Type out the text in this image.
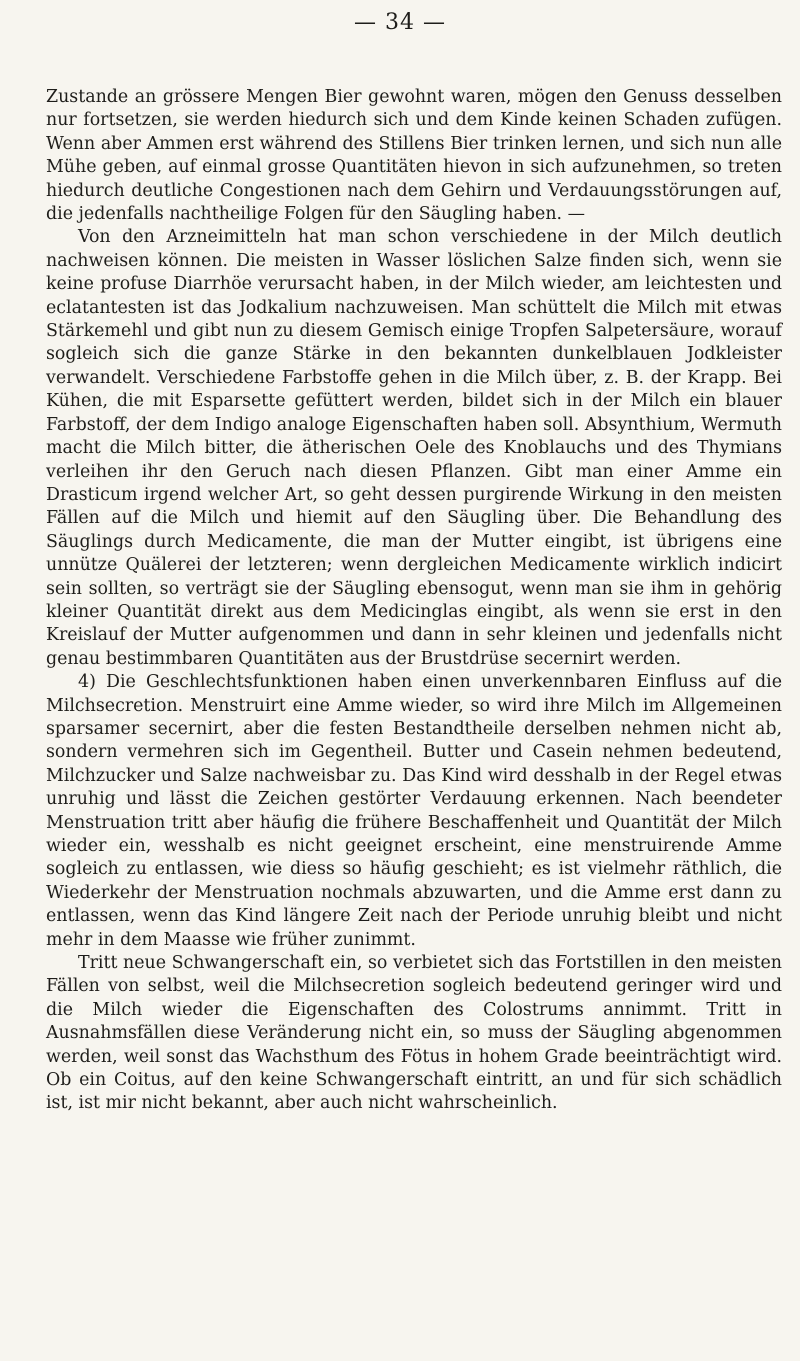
— 34 —

Zustande an grössere Mengen Bier gewohnt waren, mögen den Genuss desselben nur fortsetzen, sie werden hiedurch sich und dem Kinde keinen Schaden zufügen. Wenn aber Ammen erst während des Stillens Bier trinken lernen, und sich nun alle Mühe geben, auf einmal grosse Quantitäten hievon in sich aufzunehmen, so treten hiedurch deutliche Congestionen nach dem Gehirn und Verdauungsstörungen auf, die jedenfalls nachtheilige Folgen für den Säugling haben. —

Von den Arzneimitteln hat man schon verschiedene in der Milch deutlich nachweisen können. Die meisten in Wasser löslichen Salze finden sich, wenn sie keine profuse Diarrhöe verursacht haben, in der Milch wieder, am leichtesten und eclatantesten ist das Jodkalium nachzuweisen. Man schüttelt die Milch mit etwas Stärkemehl und gibt nun zu diesem Gemisch einige Tropfen Salpetersäure, worauf sogleich sich die ganze Stärke in den bekannten dunkelblauen Jodkleister verwandelt. Verschiedene Farbstoffe gehen in die Milch über, z. B. der Krapp. Bei Kühen, die mit Esparsette gefüttert werden, bildet sich in der Milch ein blauer Farbstoff, der dem Indigo analoge Eigenschaften haben soll. Absynthium, Wermuth macht die Milch bitter, die ätherischen Oele des Knoblauchs und des Thymians verleihen ihr den Geruch nach diesen Pflanzen. Gibt man einer Amme ein Drasticum irgend welcher Art, so geht dessen purgirende Wirkung in den meisten Fällen auf die Milch und hiemit auf den Säugling über. Die Behandlung des Säuglings durch Medicamente, die man der Mutter eingibt, ist übrigens eine unnütze Quälerei der letzteren; wenn dergleichen Medicamente wirklich indicirt sein sollten, so verträgt sie der Säugling ebensogut, wenn man sie ihm in gehörig kleiner Quantität direkt aus dem Medicinglas eingibt, als wenn sie erst in den Kreislauf der Mutter aufgenommen und dann in sehr kleinen und jedenfalls nicht genau bestimmbaren Quantitäten aus der Brustdrüse secernirt werden.

4) Die Geschlechtsfunktionen haben einen unverkennbaren Einfluss auf die Milchsecretion. Menstruirt eine Amme wieder, so wird ihre Milch im Allgemeinen sparsamer secernirt, aber die festen Bestandtheile derselben nehmen nicht ab, sondern vermehren sich im Gegentheil. Butter und Casein nehmen bedeutend, Milchzucker und Salze nachweisbar zu. Das Kind wird desshalb in der Regel etwas unruhig und lässt die Zeichen gestörter Verdauung erkennen. Nach beendeter Menstruation tritt aber häufig die frühere Beschaffenheit und Quantität der Milch wieder ein, wesshalb es nicht geeignet erscheint, eine menstruirende Amme sogleich zu entlassen, wie diess so häufig geschieht; es ist vielmehr räthlich, die Wiederkehr der Menstruation nochmals abzuwarten, und die Amme erst dann zu entlassen, wenn das Kind längere Zeit nach der Periode unruhig bleibt und nicht mehr in dem Maasse wie früher zunimmt.

Tritt neue Schwangerschaft ein, so verbietet sich das Fortstillen in den meisten Fällen von selbst, weil die Milchsecretion sogleich bedeutend geringer wird und die Milch wieder die Eigenschaften des Colostrums annimmt. Tritt in Ausnahmsfällen diese Veränderung nicht ein, so muss der Säugling abgenommen werden, weil sonst das Wachsthum des Fötus in hohem Grade beeinträchtigt wird. Ob ein Coitus, auf den keine Schwangerschaft eintritt, an und für sich schädlich ist, ist mir nicht bekannt, aber auch nicht wahrscheinlich.
